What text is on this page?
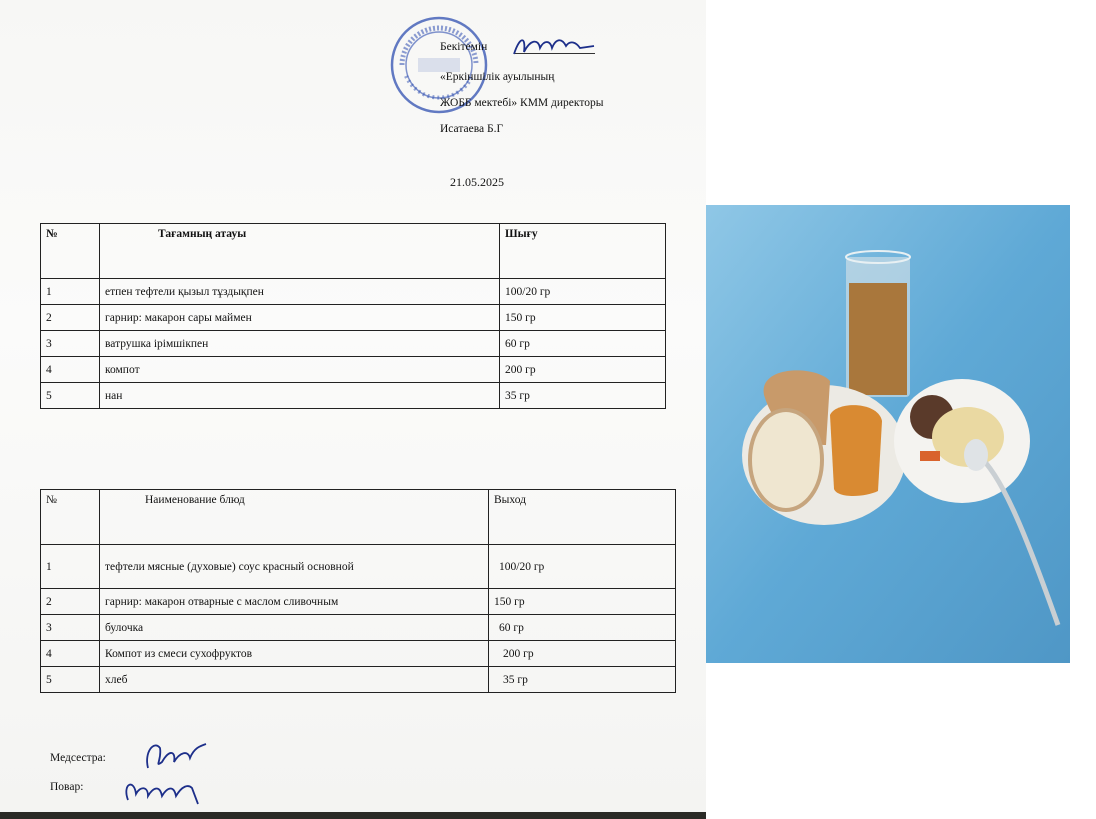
Бекітемін
«Еркіншілік ауылының
ЖОББ мектебі» КММ директоры
Исатаева Б.Г
21.05.2025
№	Тағамның атауы	Шығу
1	етпен тефтели қызыл тұздықпен	100/20 гр
2	гарнир: макарон сары маймен	150 гр
3	ватрушка ірімшікпен	60 гр
4	компот	200 гр
5	нан	35 гр
№	Наименование блюд	Выход
1	тефтели мясные (духовые) соус красный основной	100/20 гр
2	гарнир: макарон отварные с маслом сливочным	150 гр
3	булочка	60 гр
4	Компот из смеси сухофруктов	200 гр
5	хлеб	35 гр
Медсестра:
Повар:
